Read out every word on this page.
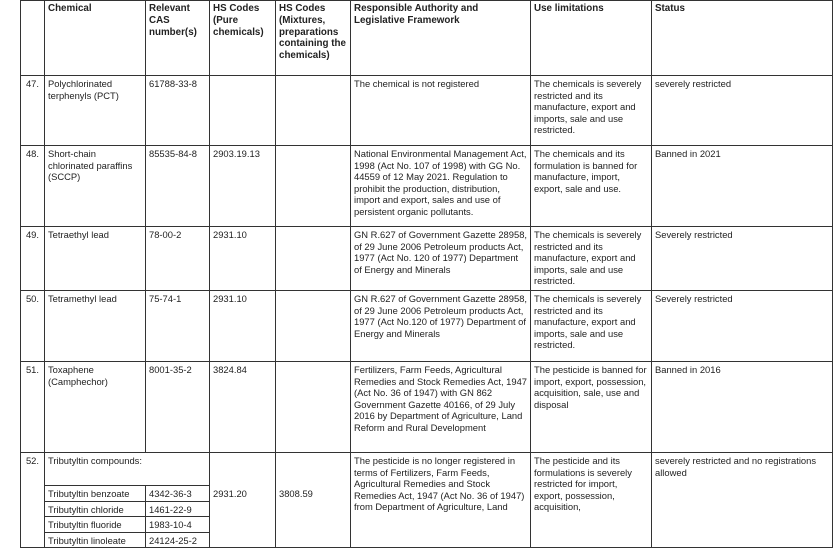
	Chemical	Relevant CAS number(s)	HS Codes (Pure chemicals)	HS Codes (Mixtures, preparations containing the chemicals)	Responsible Authority and Legislative Framework	Use limitations	Status
47.	Polychlorinated terphenyls (PCT)	61788-33-8			The chemical is not registered	The chemicals is severely restricted and its manufacture, export and imports, sale and use restricted.	severely restricted
48.	Short-chain chlorinated paraffins (SCCP)	85535-84-8	2903.19.13		National Environmental Management Act, 1998 (Act No. 107 of 1998) with GG No. 44559 of 12 May 2021. Regulation to prohibit the production, distribution, import and export, sales and use of persistent organic pollutants.	The chemicals and its formulation is banned for manufacture, import, export, sale and use.	Banned in 2021
49.	Tetraethyl lead	78-00-2	2931.10		GN R.627 of Government Gazette 28958, of 29 June 2006 Petroleum products Act, 1977 (Act No. 120 of 1977) Department of Energy and Minerals	The chemicals is severely restricted and its manufacture, export and imports, sale and use restricted.	Severely restricted
50.	Tetramethyl lead	75-74-1	2931.10		GN R.627 of Government Gazette 28958, of 29 June 2006 Petroleum products Act, 1977 (Act No.120 of 1977) Department of Energy and Minerals	The chemicals is severely restricted and its manufacture, export and imports, sale and use restricted.	Severely restricted
51.	Toxaphene (Camphechor)	8001-35-2	3824.84		Fertilizers, Farm Feeds, Agricultural Remedies and Stock Remedies Act, 1947 (Act No. 36 of 1947) with GN 862 Government Gazette 40166, of 29 July 2016 by Department of Agriculture, Land Reform and Rural Development	The pesticide is banned for import, export, possession, acquisition, sale, use and disposal	Banned in 2016
52.	Tributyltin compounds:				The pesticide is no longer registered in terms of Fertilizers, Farm Feeds, Agricultural Remedies and Stock Remedies Act, 1947 (Act No. 36 of 1947) from Department of Agriculture, Land	The pesticide and its formulations is severely restricted for import, export, possession, acquisition,	severely restricted and no registrations allowed
	Tributyltin benzoate	4342-36-3	2931.20	3808.59			
	Tributyltin chloride	1461-22-9					
	Tributyltin fluoride	1983-10-4					
	Tributyltin linoleate	24124-25-2					
